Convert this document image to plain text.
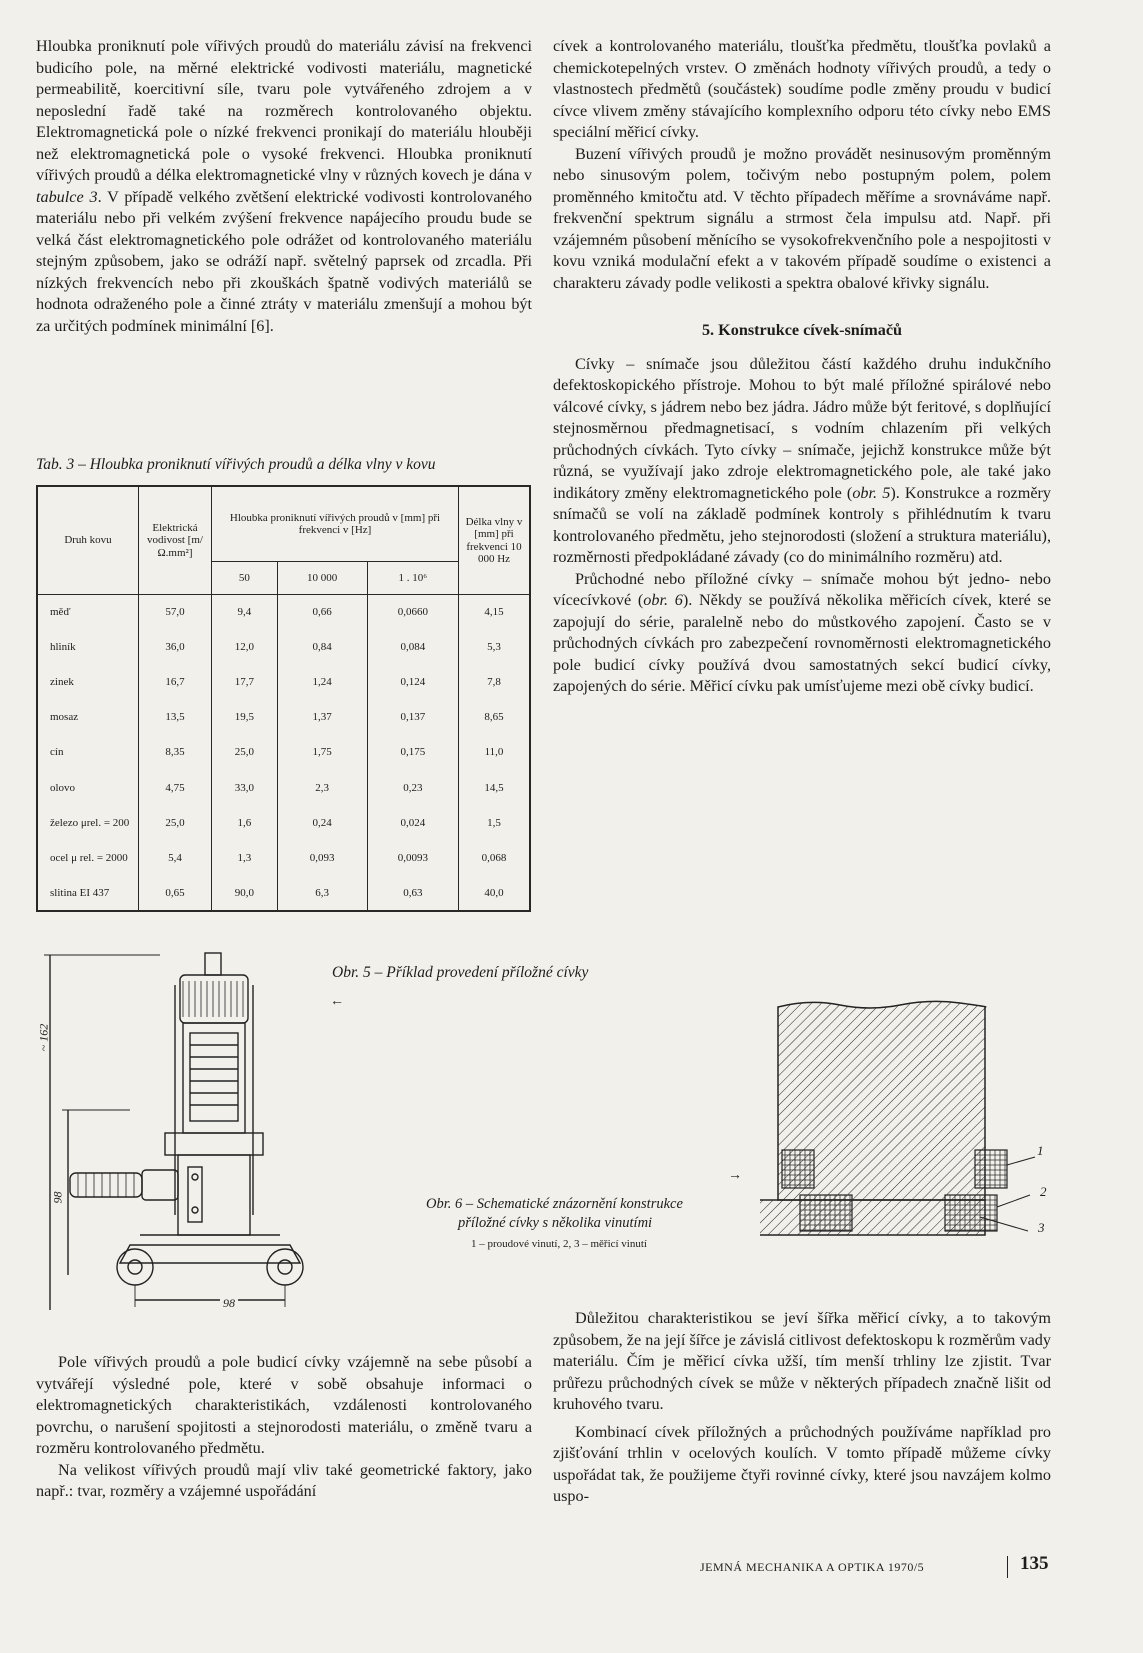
Hloubka proniknutí pole vířivých proudů do materiálu závisí na frekvenci budicího pole, na měrné elektrické vodivosti materiálu, magnetické permeabilitě, koercitivní síle, tvaru pole vytvářeného zdrojem a v neposlední řadě také na rozměrech kontrolovaného objektu. Elektromagnetická pole o nízké frekvenci pronikají do materiálu hlouběji než elektromagnetická pole o vysoké frekvenci. Hloubka proniknutí vířivých proudů a délka elektromagnetické vlny v různých kovech je dána v tabulce 3. V případě velkého zvětšení elektrické vodivosti kontrolovaného materiálu nebo při velkém zvýšení frekvence napájecího proudu bude se velká část elektromagnetického pole odrážet od kontrolovaného materiálu stejným způsobem, jako se odráží např. světelný paprsek od zrcadla. Při nízkých frekvencích nebo při zkouškách špatně vodivých materiálů se hodnota odraženého pole a činné ztráty v materiálu zmenšují a mohou být za určitých podmínek minimální [6].

Tab. 3 – Hloubka proniknutí vířivých proudů a délka vlny v kovu
Druh kovu	Elektrická vodivost [m/Ω.mm²]	Hloubka proniknutí vířivých proudů v [mm] při frekvenci v [Hz]			Délka vlny v [mm] při frekvenci 10 000 Hz
		50	10 000	1 . 10⁶	
měď	57,0	9,4	0,66	0,0660	4,15
hliník	36,0	12,0	0,84	0,084	5,3
zinek	16,7	17,7	1,24	0,124	7,8
mosaz	13,5	19,5	1,37	0,137	8,65
cín	8,35	25,0	1,75	0,175	11,0
olovo	4,75	33,0	2,3	0,23	14,5
železo μrel. = 200	25,0	1,6	0,24	0,024	1,5
ocel μ rel. = 2000	5,4	1,3	0,093	0,0093	0,068
slitina EI 437	0,65	90,0	6,3	0,63	40,0

cívek a kontrolovaného materiálu, tloušťka předmětu, tloušťka povlaků a chemickotepelných vrstev. O změnách hodnoty vířivých proudů, a tedy o vlastnostech předmětů (součástek) soudíme podle změny proudu v budicí cívce vlivem změny stávajícího komplexního odporu této cívky nebo EMS speciální měřicí cívky.

Buzení vířivých proudů je možno provádět nesinusovým proměnným nebo sinusovým polem, točivým nebo postupným polem, polem proměnného kmitočtu atd. V těchto případech měříme a srovnáváme např. frekvenční spektrum signálu a strmost čela impulsu atd. Např. při vzájemném působení měnícího se vysokofrekvenčního pole a nespojitosti v kovu vzniká modulační efekt a v takovém případě soudíme o existenci a charakteru závady podle velikosti a spektra obalové křivky signálu.

5. Konstrukce cívek-snímačů

Cívky – snímače jsou důležitou částí každého druhu indukčního defektoskopického přístroje. Mohou to být malé příložné spirálové nebo válcové cívky, s jádrem nebo bez jádra. Jádro může být feritové, s doplňující stejnosměrnou předmagnetisací, s vodním chlazením při velkých průchodných cívkách. Tyto cívky – snímače, jejichž konstrukce může být různá, se využívají jako zdroje elektromagnetického pole, ale také jako indikátory změny elektromagnetického pole (obr. 5). Konstrukce a rozměry snímačů se volí na základě podmínek kontroly s přihlédnutím k tvaru kontrolovaného předmětu, jeho stejnorodosti (složení a struktura materiálu), rozměrnosti předpokládané závady (co do minimálního rozměru) atd.

Průchodné nebo příložné cívky – snímače mohou být jedno- nebo vícecívkové (obr. 6). Někdy se používá několika měřicích cívek, které se zapojují do série, paralelně nebo do můstkového zapojení. Často se v průchodných cívkách pro zabezpečení rovnoměrnosti elektromagnetického pole budicí cívky používá dvou samostatných sekcí budicí cívky, zapojených do série. Měřicí cívku pak umísťujeme mezi obě cívky budicí.

~ 162
98
98
Obr. 5 – Příklad provedení příložné cívky
Obr. 6 – Schematické znázornění konstrukce
příložné cívky s několika vinutími
1 – proudové vinutí, 2, 3 – měřicí vinutí
1
2
3
←
→

Pole vířivých proudů a pole budicí cívky vzájemně na sebe působí a vytvářejí výsledné pole, které v sobě obsahuje informaci o elektromagnetických charakteristikách, vzdálenosti kontrolovaného povrchu, o narušení spojitosti a stejnorodosti materiálu, o změně tvaru a rozměru kontrolovaného předmětu.

Na velikost vířivých proudů mají vliv také geometrické faktory, jako např.: tvar, rozměry a vzájemné uspořádání

Důležitou charakteristikou se jeví šířka měřicí cívky, a to takovým způsobem, že na její šířce je závislá citlivost defektoskopu k rozměrům vady materiálu. Čím je měřicí cívka užší, tím menší trhliny lze zjistit. Tvar průřezu průchodných cívek se může v některých případech značně lišit od kruhového tvaru.

Kombinací cívek příložných a průchodných používáme například pro zjišťování trhlin v ocelových koulích. V tomto případě můžeme cívky uspořádat tak, že použijeme čtyři rovinné cívky, které jsou navzájem kolmo uspo-

JEMNÁ MECHANIKA A OPTIKA 1970/5	135
